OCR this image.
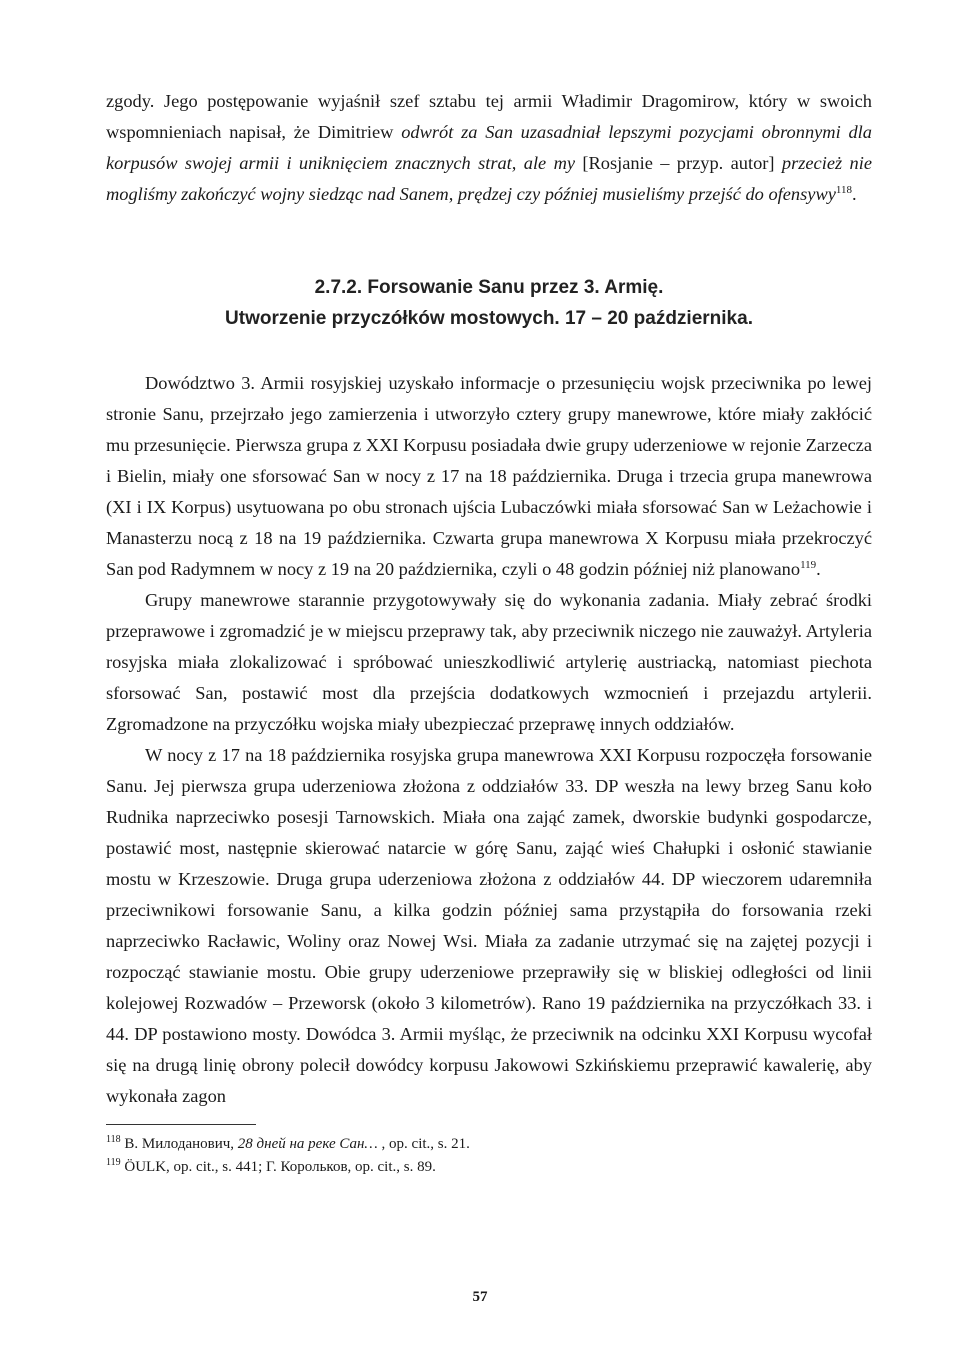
zgody. Jego postępowanie wyjaśnił szef sztabu tej armii Władimir Dragomirow, który w swoich wspomnieniach napisał, że Dimitriew odwrót za San uzasadniał lepszymi pozycjami obronnymi dla korpusów swojej armii i uniknięciem znacznych strat, ale my [Rosjanie – przyp. autor] przecież nie mogliśmy zakończyć wojny siedząc nad Sanem, prędzej czy później musieliśmy przejść do ofensywy$^{118}$.

2.7.2. Forsowanie Sanu przez 3. Armię.

Utworzenie przyczółków mostowych. 17 – 20 października.

Dowództwo 3. Armii rosyjskiej uzyskało informacje o przesunięciu wojsk przeciwnika po lewej stronie Sanu, przejrzało jego zamierzenia i utworzyło cztery grupy manewrowe, które miały zakłócić mu przesunięcie. Pierwsza grupa z XXI Korpusu posiadała dwie grupy uderzeniowe w rejonie Zarzecza i Bielin, miały one sforsować San w nocy z 17 na 18 października. Druga i trzecia grupa manewrowa (XI i IX Korpus) usytuowana po obu stronach ujścia Lubaczówki miała sforsować San w Leżachowie i Manasterzu nocą z 18 na 19 października. Czwarta grupa manewrowa X Korpusu miała przekroczyć San pod Radymnem w nocy z 19 na 20 października, czyli o 48 godzin później niż planowano$^{119}$.

Grupy manewrowe starannie przygotowywały się do wykonania zadania. Miały zebrać środki przeprawowe i zgromadzić je w miejscu przeprawy tak, aby przeciwnik niczego nie zauważył. Artyleria rosyjska miała zlokalizować i spróbować unieszkodliwić artylerię austriacką, natomiast piechota sforsować San, postawić most dla przejścia dodatkowych wzmocnień i przejazdu artylerii. Zgromadzone na przyczółku wojska miały ubezpieczać przeprawę innych oddziałów.

W nocy z 17 na 18 października rosyjska grupa manewrowa XXI Korpusu rozpoczęła forsowanie Sanu. Jej pierwsza grupa uderzeniowa złożona z oddziałów 33. DP weszła na lewy brzeg Sanu koło Rudnika naprzeciwko posesji Tarnowskich. Miała ona zająć zamek, dworskie budynki gospodarcze, postawić most, następnie skierować natarcie w górę Sanu, zająć wieś Chałupki i osłonić stawianie mostu w Krzeszowie. Druga grupa uderzeniowa złożona z oddziałów 44. DP wieczorem udaremniła przeciwnikowi forsowanie Sanu, a kilka godzin później sama przystąpiła do forsowania rzeki naprzeciwko Racławic, Woliny oraz Nowej Wsi. Miała za zadanie utrzymać się na zajętej pozycji i rozpocząć stawianie mostu. Obie grupy uderzeniowe przeprawiły się w bliskiej odległości od linii kolejowej Rozwadów – Przeworsk (około 3 kilometrów). Rano 19 października na przyczółkach 33. i 44. DP postawiono mosty. Dowódca 3. Armii myśląc, że przeciwnik na odcinku XXI Korpusu wycofał się na drugą linię obrony polecił dowódcy korpusu Jakowowi Szkińskiemu przeprawić kawalerię, aby wykonała zagon

$^{118}$ В. Милоданович, 28 дней на реке Сан… , op. cit., s. 21.

$^{119}$ ÖULK, op. cit., s. 441; Г. Корольков, op. cit., s. 89.

57
